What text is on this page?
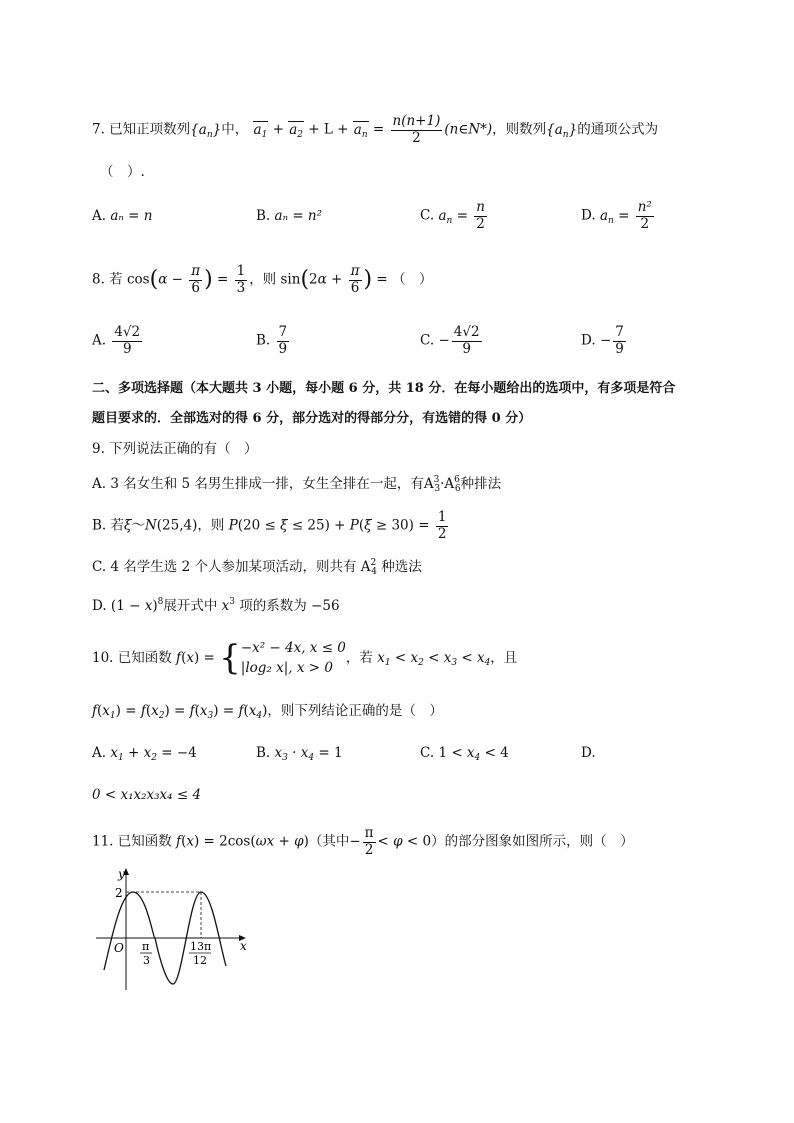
7. 已知正项数列$\{a_n\}$中， $a_1 + a_2 + L + a_n = \frac{n(n+1)}{2}$ (n∈N*)，则数列$\{a_n\}$的通项公式为
（　）.
A. aₙ = n	B. aₙ = n²	C. $a_n = \frac{n}{2}$	D. $a_n = \frac{\text{n²}}{2}$
8. 若 $\cos(\alpha - \frac{\pi}{6}$ ) = $\frac{1}{3}$ ，则 $\sin(2\alpha + \frac{\pi}{6}$ ) = （　）
A. $\frac{4√2}{9}$	B. $\frac{7}{9}$	C. − $\frac{4√2}{9}$	D. − $\frac{7}{9}$
二、多项选择题（本大题共 3 小题，每小题 6 分，共 18 分．在每小题给出的选项中，有多项是符合
题目要求的．全部选对的得 6 分，部分选对的得部分分，有选错的得 0 分）
9. 下列说法正确的有（　）
A. 3 名女生和 5 名男生排成一排，女生全排在一起，有$A^3_3\cdot A^6_6$种排法
B. 若ξ～N(25,4)，则 $P(20 \le \xi \le 25) + P(\xi \ge 30) = \frac{1}{2}$
C. 4 名学生选 2 个人参加某项活动，则共有 $A^2_4$ 种选法
D. $(1 - x)^8$展开式中 $x^3$ 项的系数为 −56
10. 已知函数 f(x) = { −x² − 4x, x ≤ 0
|log₂ x|, x > 0
，若 $x_1 < x_2 < x_3 < x_4$，且
$f(x_1) = f(x_2) = f(x_3) = f(x_4)$，则下列结论正确的是（　）
A. $x_1 + x_2 = -4$	B. $x_3 \cdot x_4 = 1$	C. $1 < x_4 < 4$	D.
0 < x₁x₂x₃x₄ ≤ 4
11. 已知函数 f(x) = 2cos(ωx + φ)（其中− $\frac{\pi}{2} < \varphi < 0$）的部分图象如图所示，则（　）
y
x
O
2
π
3
13π
12
